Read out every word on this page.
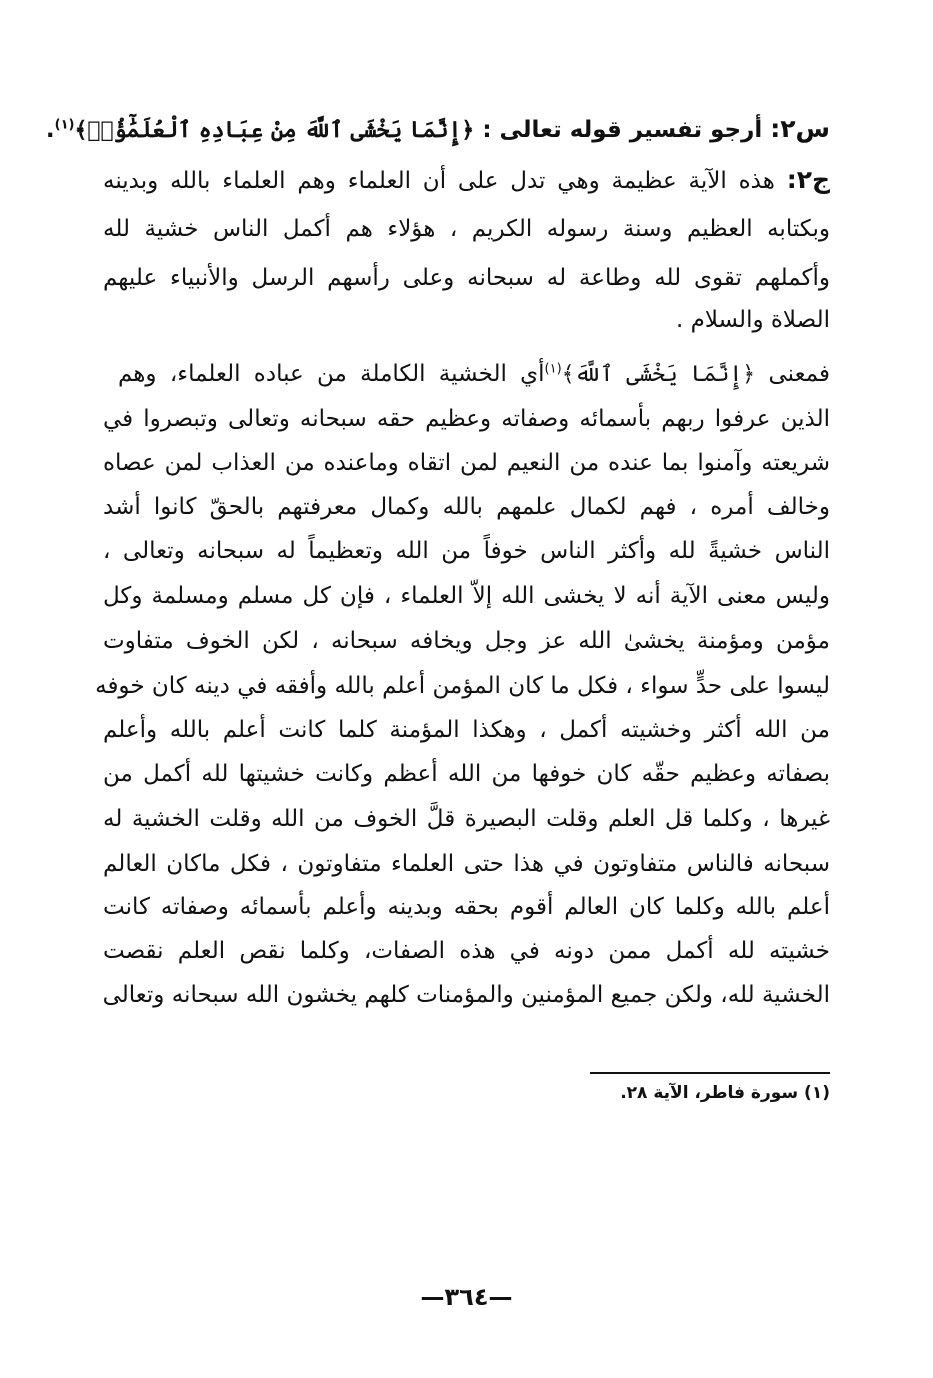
س٢: أرجو تفسير قوله تعالى : ﴿إِنَّمَا يَخْشَى ٱللَّهَ مِنْ عِبَادِهِ ٱلْعُلَمَٰٓؤُا۟﴾$^{(١)}$.
ج٢: هذه الآية عظيمة وهي تدل على أن العلماء وهم العلماء بالله وبدينه
وبكتابه العظيم وسنة رسوله الكريم ، هؤلاء هم أكمل الناس خشية لله
وأكملهم تقوى لله وطاعة له سبحانه وعلى رأسهم الرسل والأنبياء عليهم
الصلاة والسلام .
فمعنى ﴿إِنَّمَا يَخْشَى ٱللَّهَ﴾$^{(١)}$أي الخشية الكاملة من عباده العلماء، وهم
الذين عرفوا ربهم بأسمائه وصفاته وعظيم حقه سبحانه وتعالى وتبصروا في
شريعته وآمنوا بما عنده من النعيم لمن اتقاه وماعنده من العذاب لمن عصاه
وخالف أمره ، فهم لكمال علمهم بالله وكمال معرفتهم بالحقّ كانوا أشد
الناس خشيةً لله وأكثر الناس خوفاً من الله وتعظيماً له سبحانه وتعالى ،
وليس معنى الآية أنه لا يخشى الله إلاّ العلماء ، فإن كل مسلم ومسلمة وكل
مؤمن ومؤمنة يخشىٰ الله عز وجل ويخافه سبحانه ، لكن الخوف متفاوت
ليسوا على حدٍّ سواء ، فكل ما كان المؤمن أعلم بالله وأفقه في دينه كان خوفه
من الله أكثر وخشيته أكمل ، وهكذا المؤمنة كلما كانت أعلم بالله وأعلم
بصفاته وعظيم حقّه كان خوفها من الله أعظم وكانت خشيتها لله أكمل من
غيرها ، وكلما قل العلم وقلت البصيرة قلَّ الخوف من الله وقلت الخشية له
سبحانه فالناس متفاوتون في هذا حتى العلماء متفاوتون ، فكل ماكان العالم
أعلم بالله وكلما كان العالم أقوم بحقه وبدينه وأعلم بأسمائه وصفاته كانت
خشيته لله أكمل ممن دونه في هذه الصفات، وكلما نقص العلم نقصت
الخشية لله، ولكن جميع المؤمنين والمؤمنات كلهم يخشون الله سبحانه وتعالى
(١) سورة فاطر، الآية ٢٨.
—٣٦٤—
